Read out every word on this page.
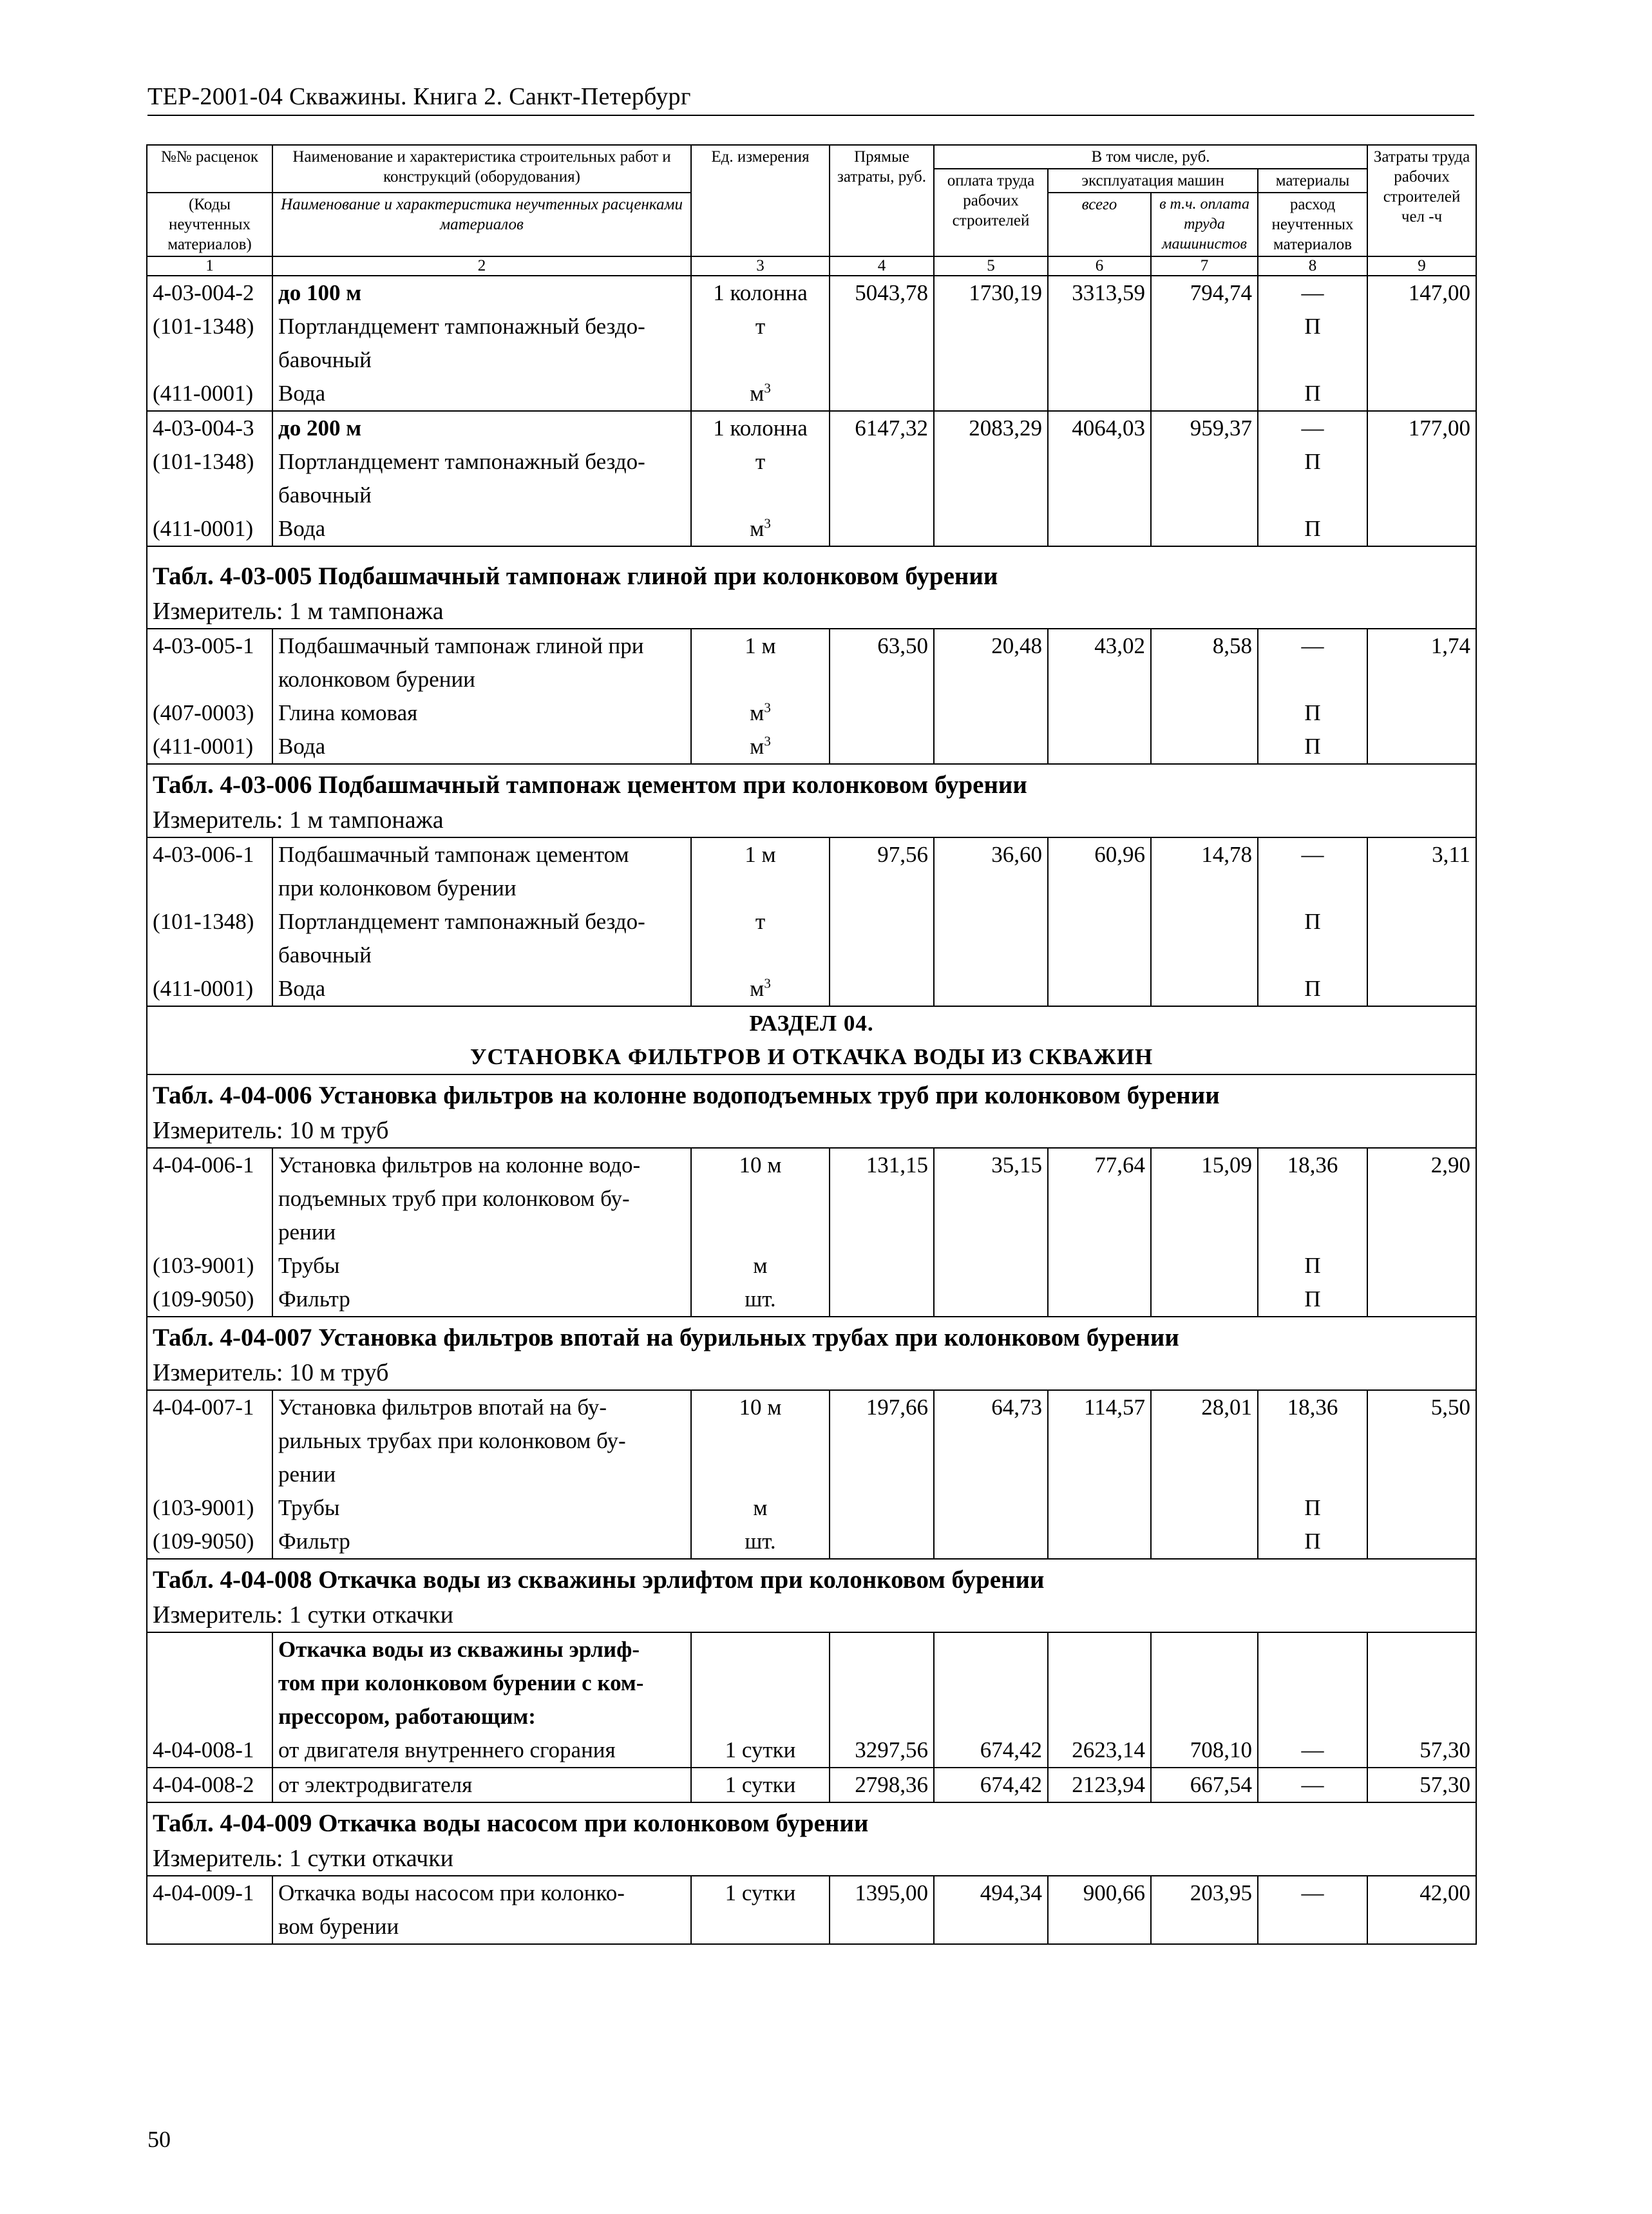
ТЕР-2001-04 Скважины. Книга 2. Санкт-Петербург
№№ расценок	Наименование и характеристика строительных работ и конструкций (оборудования)	Ед. измерения	Прямые затраты, руб.	В том числе, руб.				Затраты труда рабочих строителей чел -ч
				оплата труда рабочих строителей	эксплуатация машин		материалы	
(Коды неучтенных материалов)	Наименование и характеристика неучтенных расценками материалов				всего	в т.ч. оплата труда машинистов	расход неучтенных материалов	

1	2	3	4	5	6	7	8	9
4-03-004-2	до 100 м	1 колонна	5043,78	1730,19	3313,59	794,74	—	147,00
(101-1348)	Портландцемент тампонажный бездо-	т					П	
	бавочный							
(411-0001)	Вода	$м^3$					П	
4-03-004-3	до 200 м	1 колонна	6147,32	2083,29	4064,03	959,37	—	177,00
(101-1348)	Портландцемент тампонажный бездо-	т					П	
	бавочный							
(411-0001)	Вода	$м^3$					П	

Табл. 4-03-005 Подбашмачный тампонаж глиной при колонковом бурении								
Измеритель: 1 м тампонажа								
4-03-005-1	Подбашмачный тампонаж глиной при	1 м	63,50	20,48	43,02	8,58	—	1,74
	колонковом бурении							
(407-0003)	Глина комовая	$м^3$					П	
(411-0001)	Вода	$м^3$					П	
Табл. 4-03-006 Подбашмачный тампонаж цементом при колонковом бурении								
Измеритель: 1 м тампонажа								
4-03-006-1	Подбашмачный тампонаж цементом	1 м	97,56	36,60	60,96	14,78	—	3,11
	при колонковом бурении							
(101-1348)	Портландцемент тампонажный бездо-	т					П	
	бавочный							
(411-0001)	Вода	$м^3$					П	

РАЗДЕЛ 04.
УСТАНОВКА ФИЛЬТРОВ И ОТКАЧКА ВОДЫ ИЗ СКВАЖИН								

Табл. 4-04-006 Установка фильтров на колонне водоподъемных труб при колонковом бурении								
Измеритель: 10 м труб								
4-04-006-1	Установка фильтров на колонне водо-	10 м	131,15	35,15	77,64	15,09	18,36	2,90
	подъемных труб при колонковом бу-							
	рении							
(103-9001)	Трубы	м					П	
(109-9050)	Фильтр	шт.					П	
Табл. 4-04-007 Установка фильтров впотай на бурильных трубах при колонковом бурении								
Измеритель: 10 м труб								
4-04-007-1	Установка фильтров впотай на бу-	10 м	197,66	64,73	114,57	28,01	18,36	5,50
	рильных трубах при колонковом бу-							
	рении							
(103-9001)	Трубы	м					П	
(109-9050)	Фильтр	шт.					П	
Табл. 4-04-008 Откачка воды из скважины эрлифтом при колонковом бурении								
Измеритель: 1 сутки откачки								
	Откачка воды из скважины эрлиф-							
	том при колонковом бурении с ком-							
	прессором, работающим:							
4-04-008-1	от двигателя внутреннего сгорания	1 сутки	3297,56	674,42	2623,14	708,10	—	57,30
4-04-008-2	от электродвигателя	1 сутки	2798,36	674,42	2123,94	667,54	—	57,30
Табл. 4-04-009 Откачка воды насосом при колонковом бурении								
Измеритель: 1 сутки откачки								
4-04-009-1	Откачка воды насосом при колонко-	1 сутки	1395,00	494,34	900,66	203,95	—	42,00
	вом бурении							
50
